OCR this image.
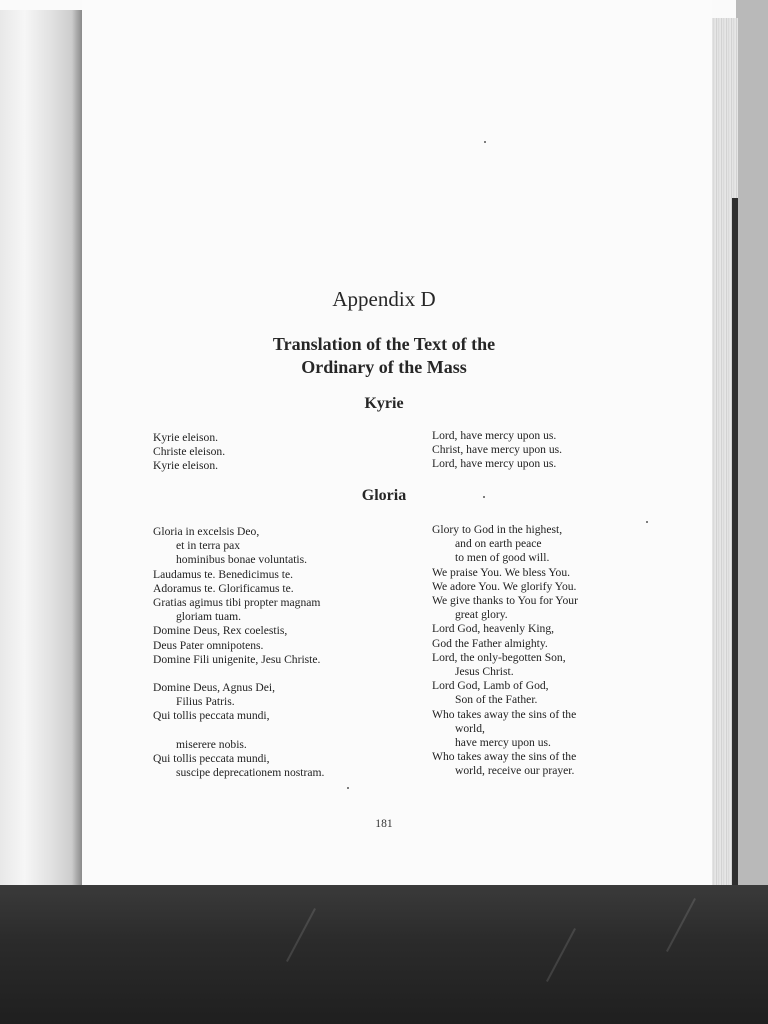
Appendix D
Translation of the Text of the
Ordinary of the Mass
Kyrie
Kyrie eleison.
Christe eleison.
Kyrie eleison.
Lord, have mercy upon us.
Christ, have mercy upon us.
Lord, have mercy upon us.
Gloria
Gloria in excelsis Deo,
et in terra pax
hominibus bonae voluntatis.
Laudamus te. Benedicimus te.
Adoramus te. Glorificamus te.
Gratias agimus tibi propter magnam
gloriam tuam.
Domine Deus, Rex coelestis,
Deus Pater omnipotens.
Domine Fili unigenite, Jesu Christe.
Domine Deus, Agnus Dei,
Filius Patris.
Qui tollis peccata mundi,
miserere nobis.
Qui tollis peccata mundi,
suscipe deprecationem nostram.
Glory to God in the highest,
and on earth peace
to men of good will.
We praise You. We bless You.
We adore You. We glorify You.
We give thanks to You for Your
great glory.
Lord God, heavenly King,
God the Father almighty.
Lord, the only-begotten Son,
Jesus Christ.
Lord God, Lamb of God,
Son of the Father.
Who takes away the sins of the
world,
have mercy upon us.
Who takes away the sins of the
world, receive our prayer.
181
